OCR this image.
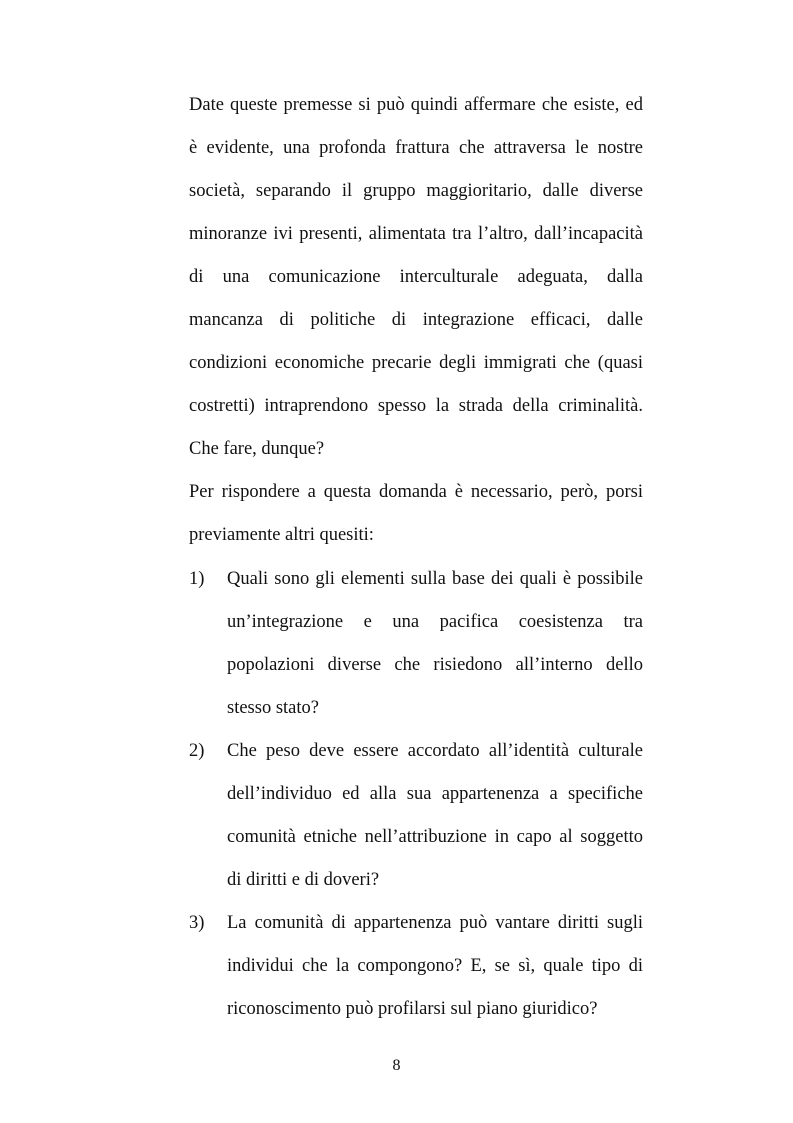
Date queste premesse si può quindi affermare che esiste, ed
è evidente, una profonda frattura che attraversa le nostre
società, separando il gruppo maggioritario, dalle diverse
minoranze ivi presenti, alimentata tra l’altro, dall’incapacità
di una comunicazione interculturale adeguata, dalla
mancanza di politiche di integrazione efficaci, dalle
condizioni economiche precarie degli immigrati che (quasi
costretti) intraprendono spesso la strada della criminalità.
Che fare, dunque?
Per rispondere a questa domanda è necessario, però, porsi
previamente altri quesiti:
1) Quali sono gli elementi sulla base dei quali è possibile
un’integrazione e una pacifica coesistenza tra
popolazioni diverse che risiedono all’interno dello
stesso stato?
2) Che peso deve essere accordato all’identità culturale
dell’individuo ed alla sua appartenenza a specifiche
comunità etniche nell’attribuzione in capo al soggetto
di diritti e di doveri?
3) La comunità di appartenenza può vantare diritti sugli
individui che la compongono? E, se sì, quale tipo di
riconoscimento può profilarsi sul piano giuridico?
8
